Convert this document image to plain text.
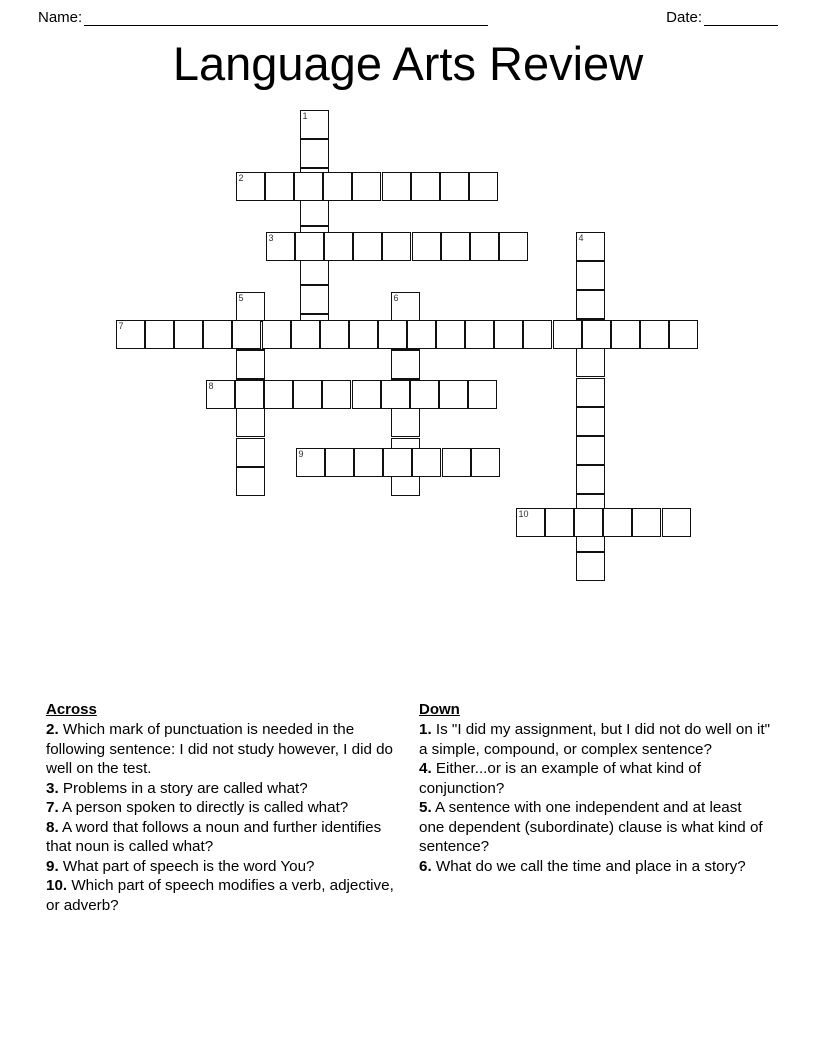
Name:	Date:
Language Arts Review
1
2
3	4
5	6
7
8
9
10
Across

2. Which mark of punctuation is needed in the following sentence: I did not study however, I did do well on the test.

3. Problems in a story are called what?

7. A person spoken to directly is called what?

8. A word that follows a noun and further identifies that noun is called what?

9. What part of speech is the word You?

10. Which part of speech modifies a verb, adjective, or adverb?

Down

1. Is "I did my assignment, but I did not do well on it" a simple, compound, or complex sentence?

4. Either...or is an example of what kind of conjunction?

5. A sentence with one independent and at least one dependent (subordinate) clause is what kind of sentence?

6. What do we call the time and place in a story?
